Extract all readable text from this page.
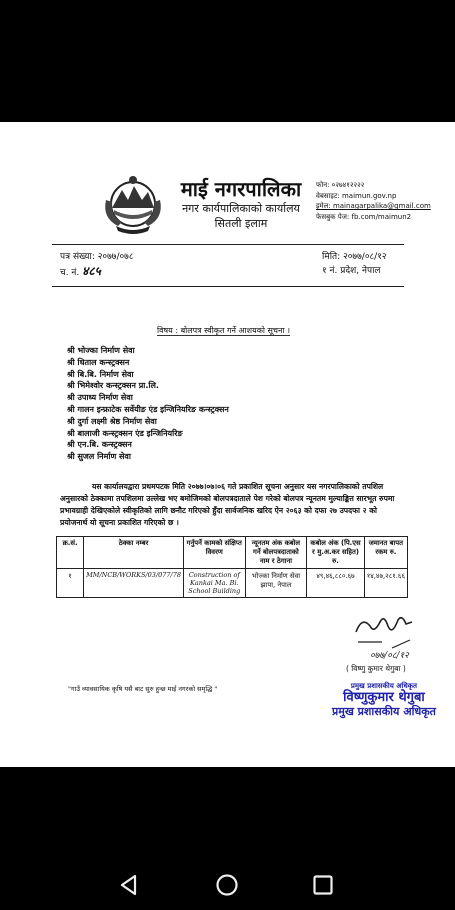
माई नगरपालिका
नगर कार्यपालिकाको कार्यालय
सितली इलाम
फोन: ०२७४१२२२२
वेबसाइट: maimun.gov.np
इमेल: mainagarpalika@gmail.com
फेसबुक पेज: fb.com/maimun2
पत्र संख्या: २०७७/०७८
च. नं. ४८५
मिति: २०७७/०८/१२
१ नं. प्रदेश, नेपाल
विषय : बोलपत्र स्वीकृत गर्ने आशयको सूचना ।
श्री भोज्का निर्माण सेवा
श्री धिताल कन्स्ट्रक्सन
श्री बि.बि. निर्माण सेवा
श्री भिमेश्वोर कन्स्ट्रक्सन प्रा.लि.
श्री उपाध्य निर्माण सेवा
श्री गालन इन्फ्राटेक सर्वेयीङ एंड इन्जिनियरिङ कन्स्ट्रक्सन
श्री दुर्गा लक्ष्मी श्रेष्ठ निर्माण सेवा
श्री बालाजी कन्स्ट्रक्सन एंड इन्जिनियरिङ
श्री एन.बि. कन्स्ट्रक्सन
श्री सुजल निर्माण सेवा
यस कार्यालयद्वारा प्रथमपटक मिति २०७७।०७।०६ गते प्रकाशित सूचना अनुसार यस नगरपालिकाको तपशिल अनुसारको ठेक्कामा तपशिलमा उल्लेख भए बमोजिमको बोलपत्रदाताले पेश गरेको बोलपत्र न्यूनतम मुल्याङ्कित सारभूत रुपमा प्रभावग्राही देखिएकोले स्वीकृतिको लागि छनौट गरिएको हुँदा सार्वजनिक खरिद ऐन २०६३ को दफा २७ उपदफा २ को प्रयोजनार्थ यो सूचना प्रकाशित गरिएको छ ।
क्र.सं.	ठेक्का नम्बर	गर्नुपर्ने कामको संक्षिप्त विवरण	न्यूनतम अंक कबोल गर्ने बोलपत्रदाताको नाम र ठेगाना	कबोल अंक (पि.एस र मु.अ.कर सहित) रु.	जमानत बापत रकम रु.
१	MM/NCB/WORKS/03/077/78	Construction of Kankai Ma. Bi. School Building	भोज्का निर्माण सेवा झापा, नेपाल	४९,४६,८८०.६७	१४,४७,२८१.६६
०७७/०८/१२
( विष्णु कुमार थेगुबा )
प्रमुख प्रशासकीय अधिकृत
विष्णुकुमार थेगुबा
प्रमुख प्रशासकीय अधिकृत
"गाउँ व्यावसायिक कृषि यसै बाट सुरु हुन्छ माई नगरको समृद्धि "
